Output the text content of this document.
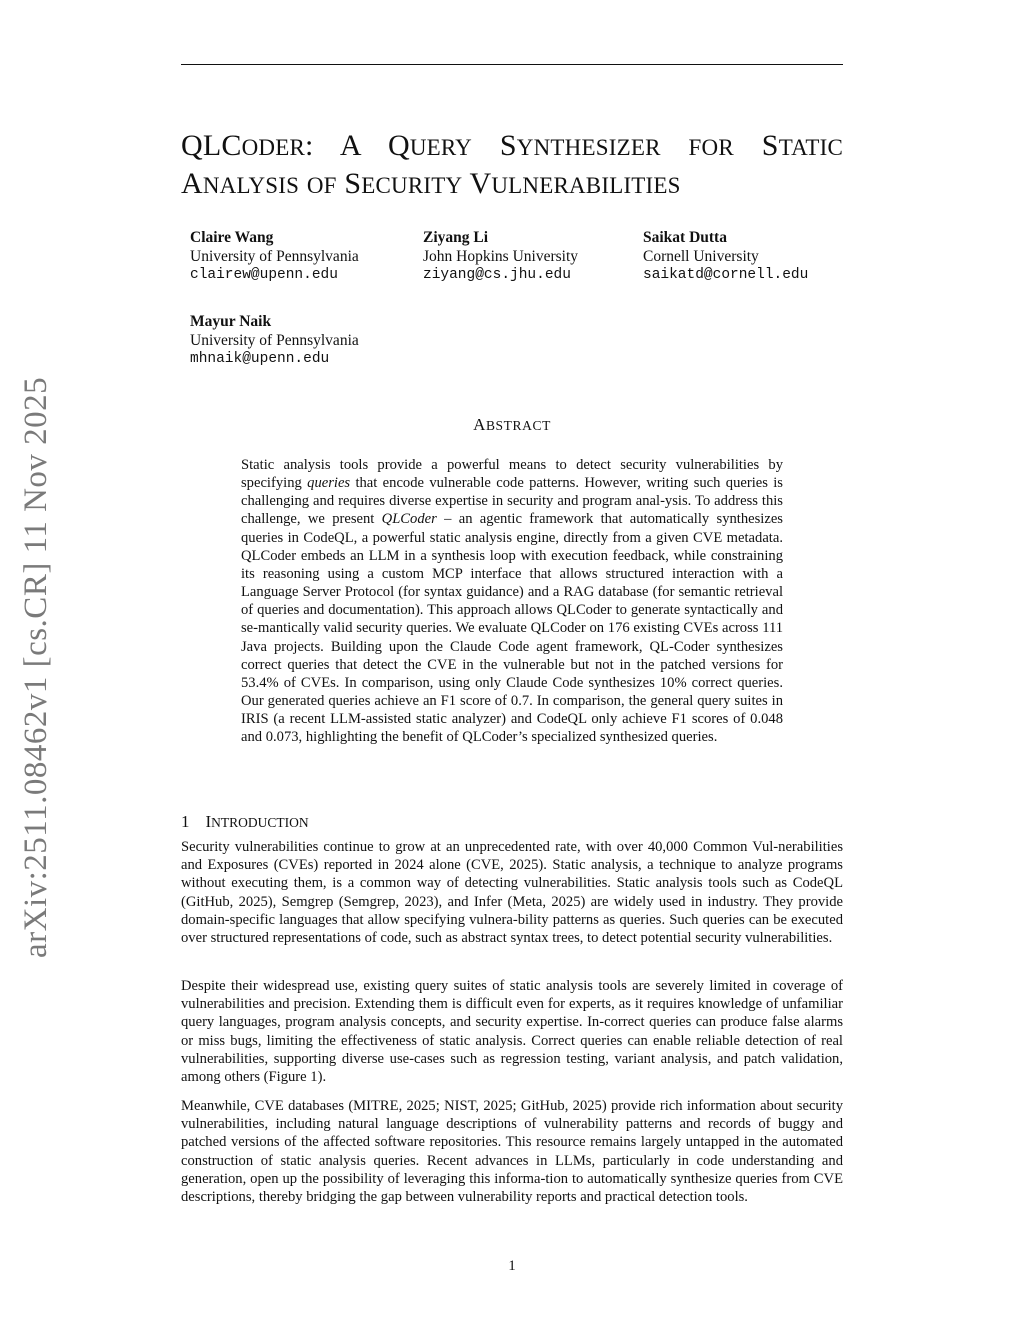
arXiv:2511.08462v1 [cs.CR] 11 Nov 2025
QLCODER: A QUERY SYNTHESIZER FOR STATIC
ANALYSIS OF SECURITY VULNERABILITIES
Claire Wang
University of Pennsylvania
clairew@upenn.edu
Ziyang Li
John Hopkins University
ziyang@cs.jhu.edu
Saikat Dutta
Cornell University
saikatd@cornell.edu
Mayur Naik
University of Pennsylvania
mhnaik@upenn.edu
ABSTRACT
Static analysis tools provide a powerful means to detect security vulnerabilities by specifying queries that encode vulnerable code patterns. However, writing such queries is challenging and requires diverse expertise in security and program anal-ysis. To address this challenge, we present QLCoder – an agentic framework that automatically synthesizes queries in CodeQL, a powerful static analysis engine, directly from a given CVE metadata. QLCoder embeds an LLM in a synthesis loop with execution feedback, while constraining its reasoning using a custom MCP interface that allows structured interaction with a Language Server Protocol (for syntax guidance) and a RAG database (for semantic retrieval of queries and documentation). This approach allows QLCoder to generate syntactically and se-mantically valid security queries. We evaluate QLCoder on 176 existing CVEs across 111 Java projects. Building upon the Claude Code agent framework, QL-Coder synthesizes correct queries that detect the CVE in the vulnerable but not in the patched versions for 53.4% of CVEs. In comparison, using only Claude Code synthesizes 10% correct queries. Our generated queries achieve an F1 score of 0.7. In comparison, the general query suites in IRIS (a recent LLM-assisted static analyzer) and CodeQL only achieve F1 scores of 0.048 and 0.073, highlighting the benefit of QLCoder’s specialized synthesized queries.
1 INTRODUCTION
Security vulnerabilities continue to grow at an unprecedented rate, with over 40,000 Common Vul-nerabilities and Exposures (CVEs) reported in 2024 alone (CVE, 2025). Static analysis, a technique to analyze programs without executing them, is a common way of detecting vulnerabilities. Static analysis tools such as CodeQL (GitHub, 2025), Semgrep (Semgrep, 2023), and Infer (Meta, 2025) are widely used in industry. They provide domain-specific languages that allow specifying vulnera-bility patterns as queries. Such queries can be executed over structured representations of code, such as abstract syntax trees, to detect potential security vulnerabilities.
Despite their widespread use, existing query suites of static analysis tools are severely limited in coverage of vulnerabilities and precision. Extending them is difficult even for experts, as it requires knowledge of unfamiliar query languages, program analysis concepts, and security expertise. In-correct queries can produce false alarms or miss bugs, limiting the effectiveness of static analysis. Correct queries can enable reliable detection of real vulnerabilities, supporting diverse use-cases such as regression testing, variant analysis, and patch validation, among others (Figure 1).
Meanwhile, CVE databases (MITRE, 2025; NIST, 2025; GitHub, 2025) provide rich information about security vulnerabilities, including natural language descriptions of vulnerability patterns and records of buggy and patched versions of the affected software repositories. This resource remains largely untapped in the automated construction of static analysis queries. Recent advances in LLMs, particularly in code understanding and generation, open up the possibility of leveraging this informa-tion to automatically synthesize queries from CVE descriptions, thereby bridging the gap between vulnerability reports and practical detection tools.
1
